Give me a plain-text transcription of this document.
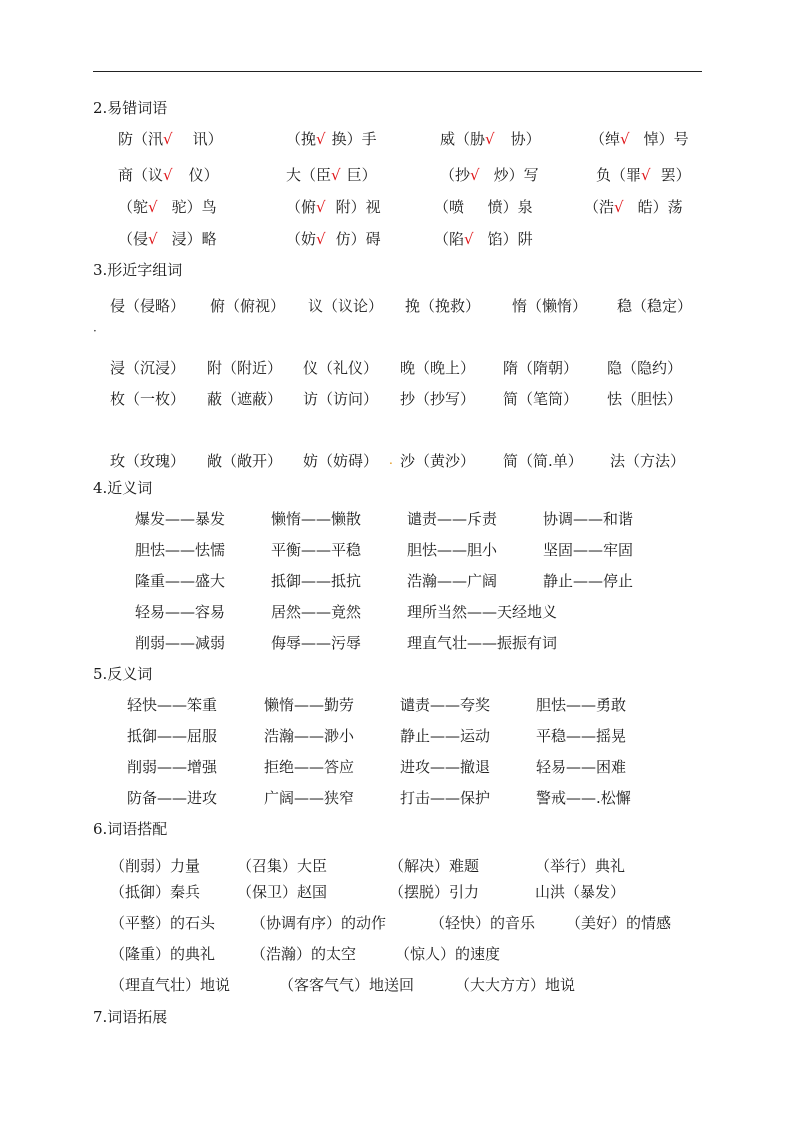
2.易错词语
防（汛√ 讯）	（挽√ 换）手	威（胁√ 协）	（绰√ 悼）号
商（议√ 仪）	大（臣√ 巨）	（抄√ 炒）写	负（罪√ 罢）
（鸵√ 驼）鸟	（俯√ 附）视	（喷 愤）泉	（浩√ 皓）荡
（侵√ 浸）略	（妨√ 仿）碍	（陷√ 馅）阱
3.形近字组词
侵（侵略） 俯（俯视） 议（议论） 挽（挽救） 惰（懒惰） 稳（稳定）
·
浸（沉浸） 附（附近） 仪（礼仪） 晚（晚上） 隋（隋朝） 隐（隐约）
枚（一枚） 蔽（遮蔽） 访（访问） 抄（抄写） 简（笔筒） 怯（胆怯）
玫（玫瑰） 敞（敞开） 妨（妨碍） . 沙（黄沙） 简（简.单） 法（方法）
4.近义词
爆发——暴发	懒惰——懒散	谴责——斥责	协调——和谐
胆怯——怯懦	平衡——平稳	胆怯——胆小	坚固——牢固
隆重——盛大	抵御——抵抗	浩瀚——广阔	静止——停止
轻易——容易	居然——竟然	理所当然——天经地义
削弱——减弱	侮辱——污辱	理直气壮——振振有词
5.反义词
轻快——笨重	懒惰——勤劳	谴责——夸奖	胆怯——勇敢
抵御——屈服	浩瀚——渺小	静止——运动	平稳——摇晃
削弱——增强	拒绝——答应	进攻——撤退	轻易——困难
防备——进攻	广阔——狭窄	打击——保护	警戒——.松懈
6.词语搭配
（削弱）力量 （召集）大臣	（解决）难题	（举行）典礼
（抵御）秦兵 （保卫）赵国	（摆脱）引力	山洪（暴发）
（平整）的石头 （协调有序）的动作	（轻快）的音乐 （美好）的情感
（隆重）的典礼 （浩瀚）的太空	（惊人）的速度
（理直气壮）地说	（客客气气）地送回	（大大方方）地说
7.词语拓展
